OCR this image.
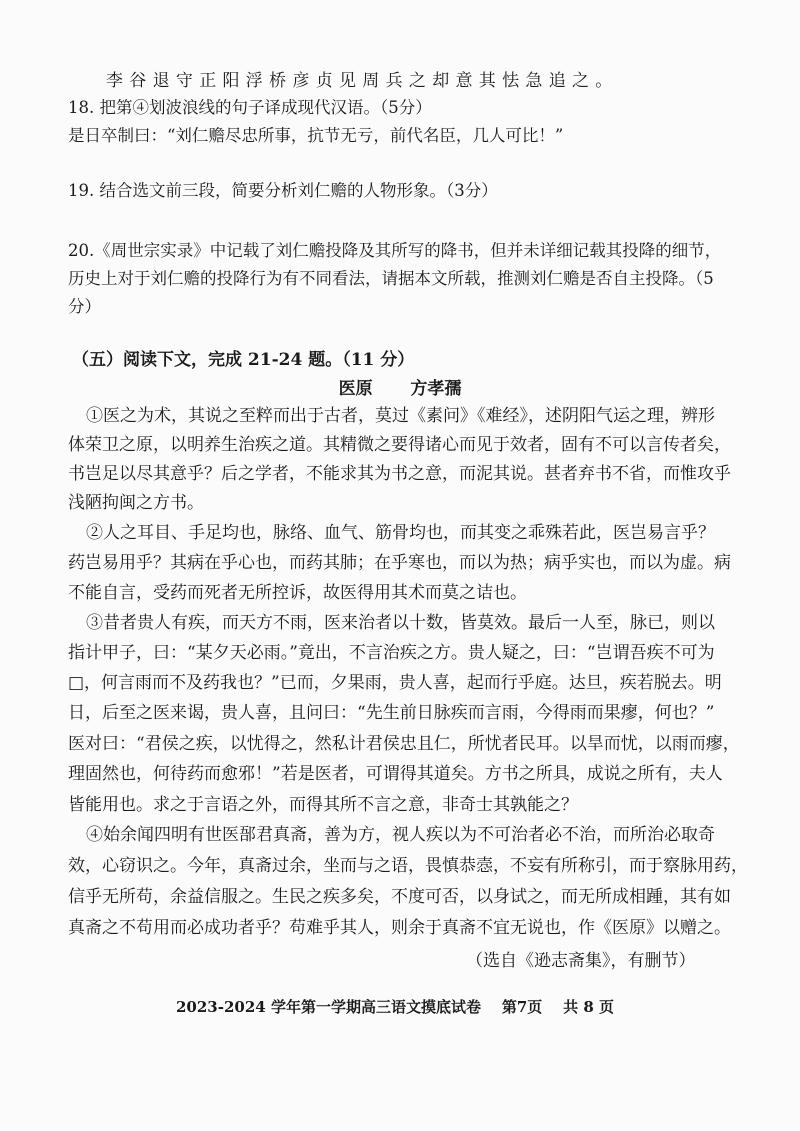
李谷退守正阳浮桥彦贞见周兵之却意其怯急追之。
18. 把第④划波浪线的句子译成现代汉语。（5分）
是日卒制曰：“刘仁赡尽忠所事，抗节无亏，前代名臣，几人可比！”
19. 结合选文前三段，简要分析刘仁赡的人物形象。（3分）
20.《周世宗实录》中记载了刘仁赡投降及其所写的降书，但并未详细记载其投降的细节，
历史上对于刘仁赡的投降行为有不同看法，请据本文所载，推测刘仁赡是否自主投降。（5
分）
（五）阅读下文，完成 21-24 题。（11 分）
医原 方孝孺
①医之为术，其说之至粹而出于古者，莫过《素问》《难经》，述阴阳气运之理，辨形
体荣卫之原，以明养生治疾之道。其精微之要得诸心而见于效者，固有不可以言传者矣，
书岂足以尽其意乎？后之学者，不能求其为书之意，而泥其说。甚者弃书不省，而惟攻乎
浅陋拘闽之方书。
②人之耳目、手足均也，脉络、血气、筋骨均也，而其变之乖殊若此，医岂易言乎？
药岂易用乎？其病在乎心也，而药其肺；在乎寒也，而以为热；病乎实也，而以为虚。病
不能自言，受药而死者无所控诉，故医得用其术而莫之诘也。
③昔者贵人有疾，而天方不雨，医来治者以十数，皆莫效。最后一人至，脉已，则以
指计甲子，曰：“某夕天必雨。”竟出，不言治疾之方。贵人疑之，曰：“岂谓吾疾不可为
□，何言雨而不及药我也？”已而，夕果雨，贵人喜，起而行乎庭。达旦，疾若脱去。明
日，后至之医来谒，贵人喜，且问曰：“先生前日脉疾而言雨，今得雨而果瘳，何也？”
医对曰：“君侯之疾，以忧得之，然私计君侯忠且仁，所忧者民耳。以旱而忧，以雨而瘳，
理固然也，何待药而愈邪！”若是医者，可谓得其道矣。方书之所具，成说之所有，夫人
皆能用也。求之于言语之外，而得其所不言之意，非奇士其孰能之？
④始余闻四明有世医郚君真斋，善为方，视人疾以为不可治者必不治，而所治必取奇
效，心窃识之。今年，真斋过余，坐而与之语，畏慎恭悫，不妄有所称引，而于察脉用药，
信乎无所苟，余益信服之。生民之疾多矣，不度可否，以身试之，而无所成相踵，其有如
真斋之不苟用而必成功者乎？苟难乎其人，则余于真斋不宜无说也，作《医原》以赠之。
（选自《逊志斋集》，有删节）
2023-2024 学年第一学期高三语文摸底试卷    第7页    共 8 页
